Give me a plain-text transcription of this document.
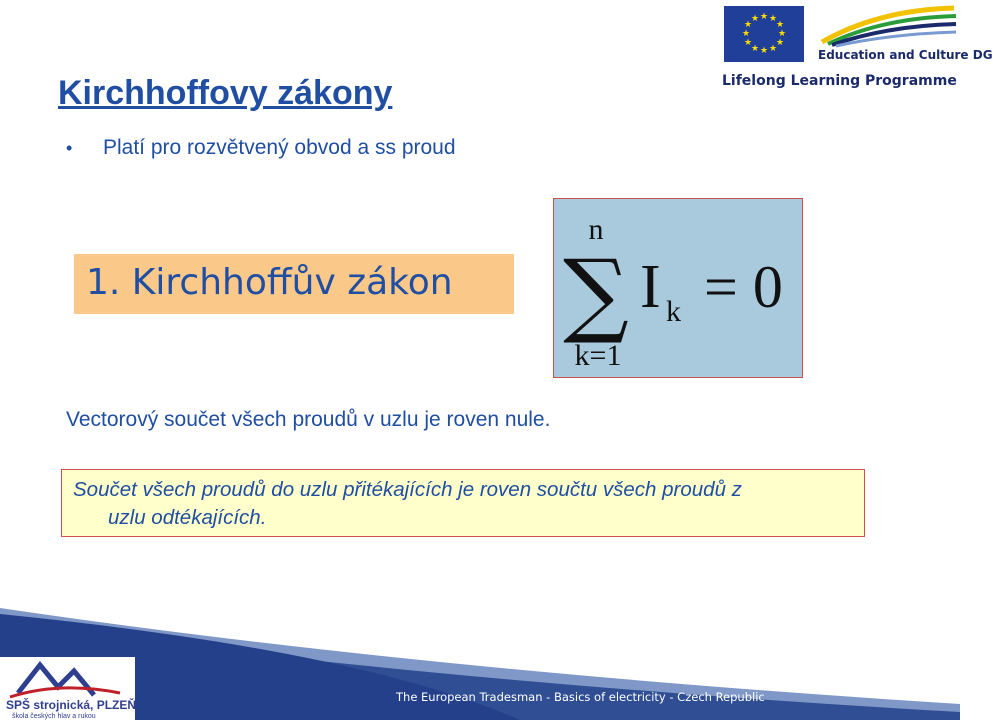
★ ★
★
★
★
★
★
★
★
★
★
★
Education and Culture DG
Lifelong Learning Programme
Kirchhoffovy zákony
• Platí pro rozvětvený obvod a ss proud
1. Kirchhoffův zákon
n
∑
k=1
I k = 0
Vectorový součet všech proudů v uzlu je roven nule.
Součet všech proudů do uzlu přitékajících je roven součtu všech proudů z
uzlu odtékajících.
SPŠ strojnická, PLZEŇ
škola českých hlav a rukou
The European Tradesman - Basics of electricity - Czech Republic
